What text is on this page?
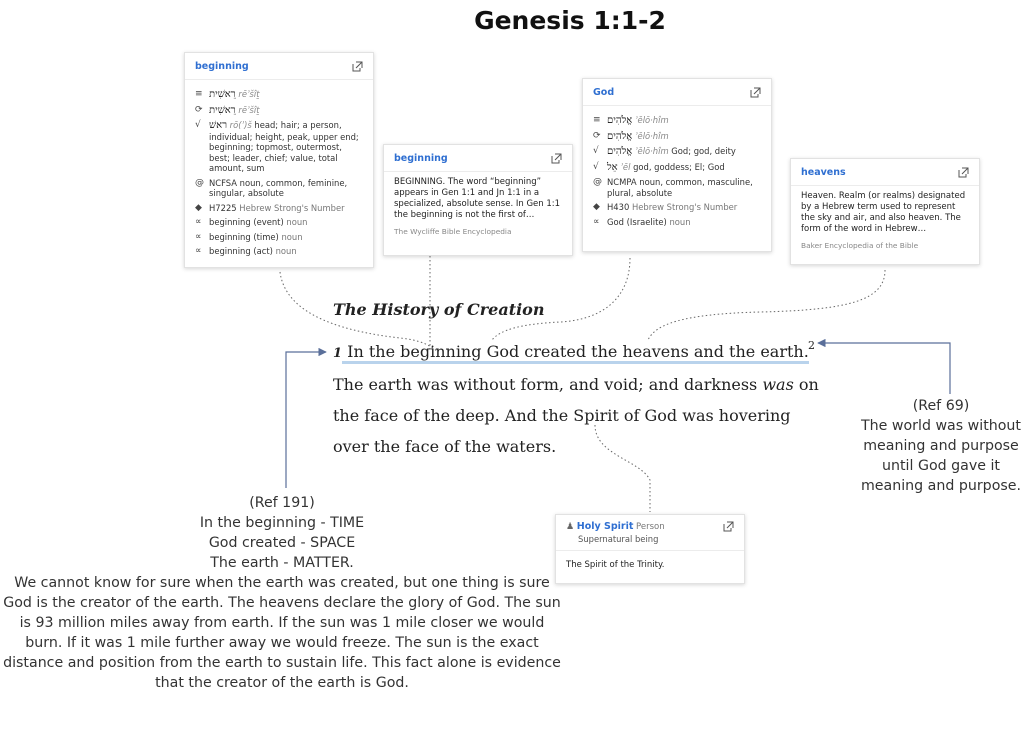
Genesis 1:1-2
beginning
≡ רֵאשִׁית rēʾšîṯ
⟳ רֵאשִׁית rēʾšîṯ
√ ראשׁ rō(ʾ)š head; hair; a person, individual; height, peak, upper end; beginning; topmost, outermost, best; leader, chief; value, total amount, sum
@ NCFSA noun, common, feminine, singular, absolute
◆ H7225 Hebrew Strong's Number
∝ beginning (event) noun
∝ beginning (time) noun
∝ beginning (act) noun
beginning
BEGINNING. The word “beginning” appears in Gen 1:1 and Jn 1:1 in a specialized, absolute sense. In Gen 1:1 the beginning is not the first of…
The Wycliffe Bible Encyclopedia
God
≡ אֱלֹהִים ʾĕlō·hîm
⟳ אֱלֹהִים ʾĕlō·hîm
√ אֱלֹהִים ʾĕlō·hîm God; god, deity
√ אֵל ʾēl god, goddess; El; God
@ NCMPA noun, common, masculine, plural, absolute
◆ H430 Hebrew Strong's Number
∝ God (Israelite) noun
heavens
Heaven. Realm (or realms) designated by a Hebrew term used to represent the sky and air, and also heaven. The form of the word in Hebrew…
Baker Encyclopedia of the Bible
♟ Holy Spirit Person
Supernatural being
The Spirit of the Trinity.
The History of Creation
1 In the beginning God created the heavens and the earth.
The earth was without form, and void; and darkness was on
the face of the deep. And the Spirit of God was hovering
over the face of the waters.
2
(Ref 191)
In the beginning - TIME
God created - SPACE
The earth - MATTER.
We cannot know for sure when the earth was created, but one thing is sure God is the creator of the earth. The heavens declare the glory of God. The sun is 93 million miles away from earth. If the sun was 1 mile closer we would burn. If it was 1 mile further away we would freeze. The sun is the exact distance and position from the earth to sustain life. This fact alone is evidence that the creator of the earth is God.
(Ref 69)
The world was without meaning and purpose until God gave it meaning and purpose.
